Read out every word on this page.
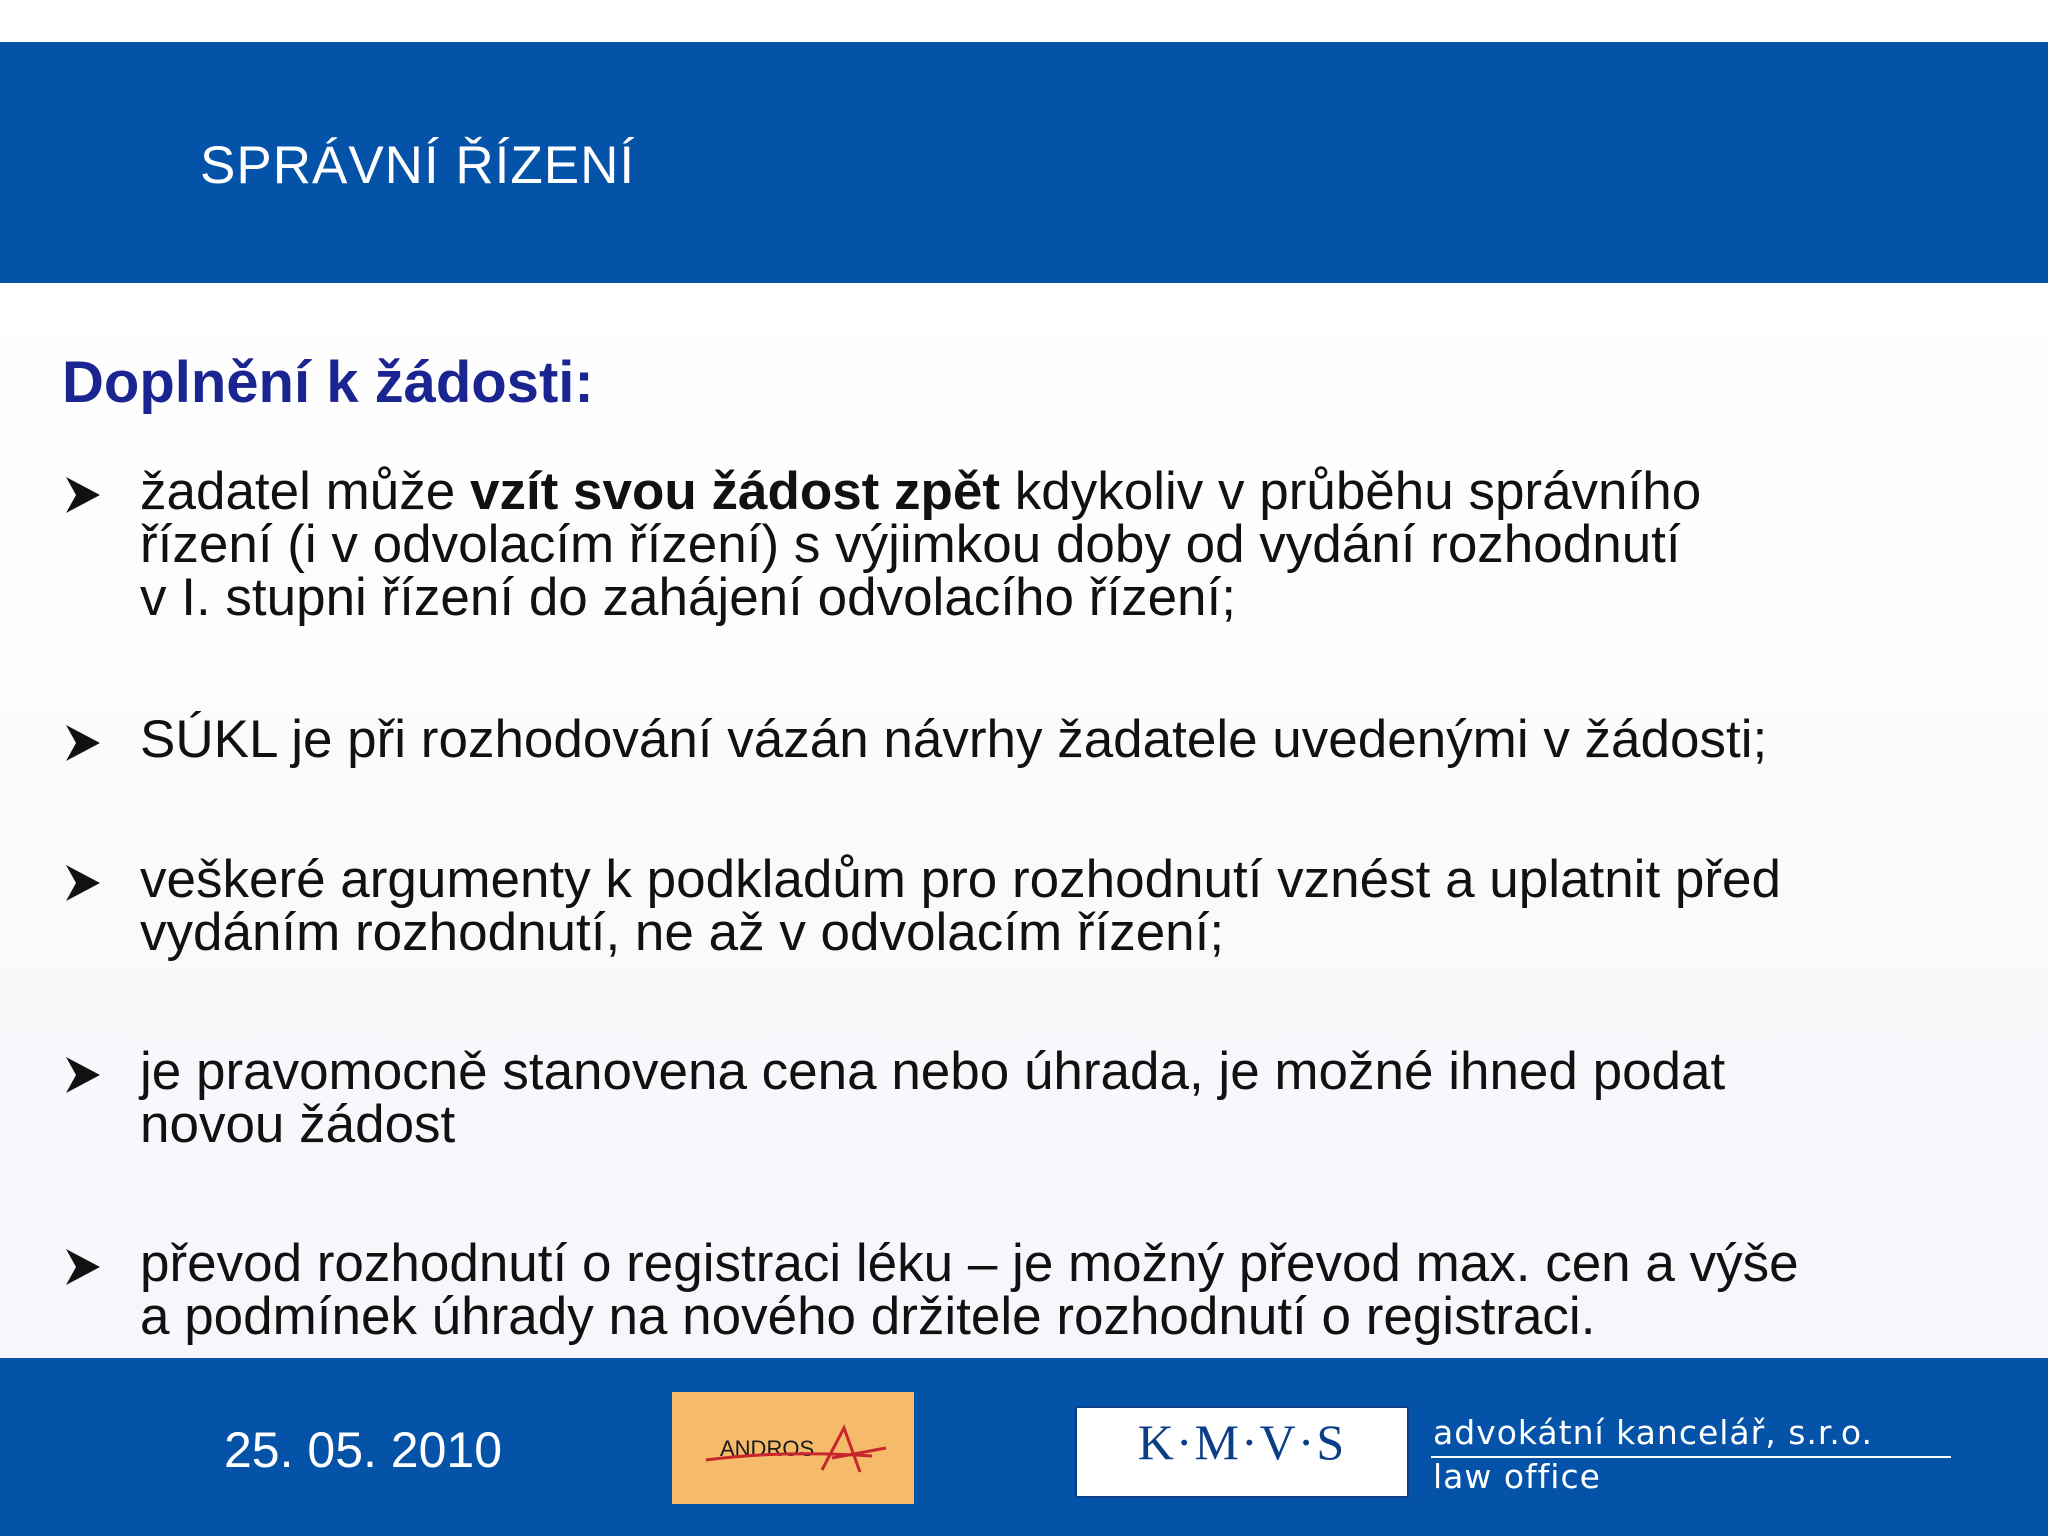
SPRÁVNÍ ŘÍZENÍ
Doplnění k žádosti:
žadatel může vzít svou žádost zpět kdykoliv v průběhu správního
řízení (i v odvolacím řízení) s výjimkou doby od vydání rozhodnutí
v I. stupni řízení do zahájení odvolacího řízení;
SÚKL je při rozhodování vázán návrhy žadatele uvedenými v žádosti;
veškeré argumenty k podkladům pro rozhodnutí vznést a uplatnit před
vydáním rozhodnutí, ne až v odvolacím řízení;
je pravomocně stanovena cena nebo úhrada, je možné ihned podat
novou žádost
převod rozhodnutí o registraci léku – je možný převod max. cen a výše
a podmínek úhrady na nového držitele rozhodnutí o registraci.
25. 05. 2010	ANDROS	K·M·V·S	advokátní kancelář, s.r.o.
law office
